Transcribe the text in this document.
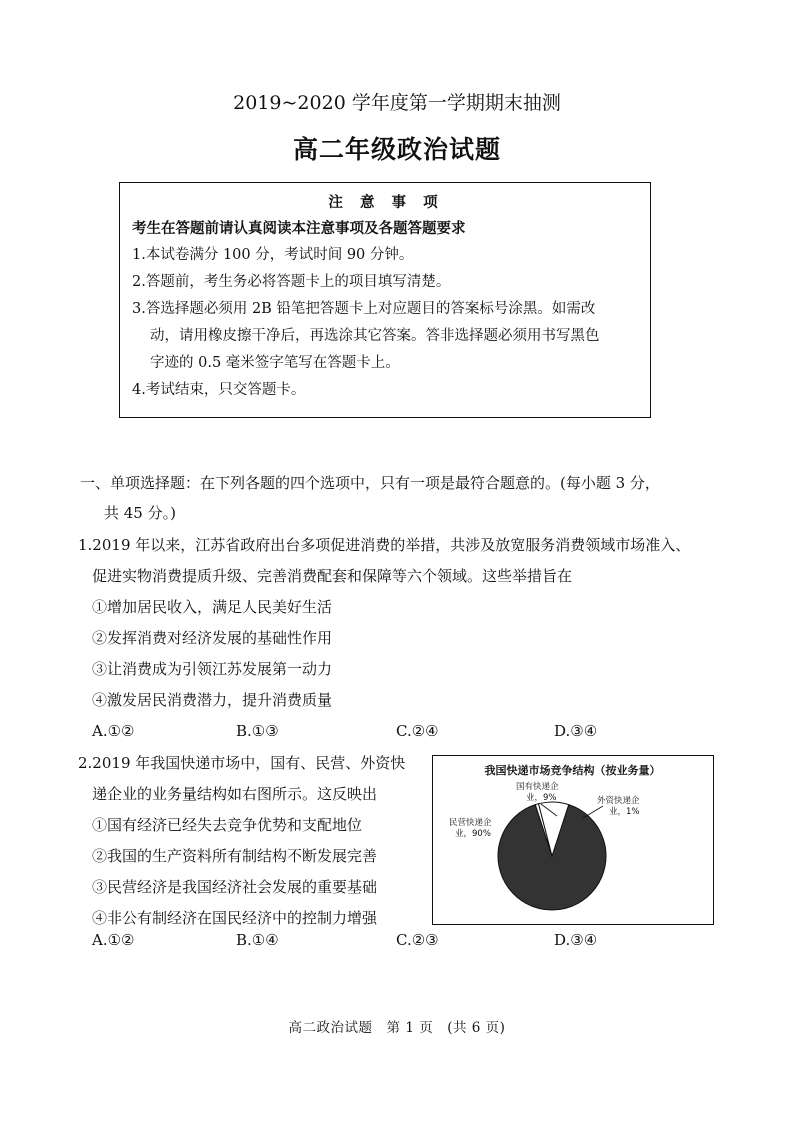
2019~2020 学年度第一学期期末抽测
高二年级政治试题
注 意 事 项
考生在答题前请认真阅读本注意事项及各题答题要求
1.本试卷满分 100 分，考试时间 90 分钟。
2.答题前，考生务必将答题卡上的项目填写清楚。
3.答选择题必须用 2B 铅笔把答题卡上对应题目的答案标号涂黑。如需改
动，请用橡皮擦干净后，再选涂其它答案。答非选择题必须用书写黑色
字迹的 0.5 毫米签字笔写在答题卡上。
4.考试结束，只交答题卡。
一、单项选择题：在下列各题的四个选项中，只有一项是最符合题意的。(每小题 3 分，
共 45 分。)
1.2019 年以来，江苏省政府出台多项促进消费的举措，共涉及放宽服务消费领域市场准入、
促进实物消费提质升级、完善消费配套和保障等六个领域。这些举措旨在
①增加居民收入，满足人民美好生活
②发挥消费对经济发展的基础性作用
③让消费成为引领江苏发展第一动力
④激发居民消费潜力，提升消费质量
A.①②	B.①③	C.②④	D.③④
2.2019 年我国快递市场中，国有、民营、外资快
递企业的业务量结构如右图所示。这反映出
①国有经济已经失去竞争优势和支配地位
②我国的生产资料所有制结构不断发展完善
③民营经济是我国经济社会发展的重要基础
④非公有制经济在国民经济中的控制力增强
A.①②	B.①④	C.②③	D.③④
我国快递市场竞争结构（按业务量）
国有快递企
业，9%
民营快递企
业，90%
外资快递企
业，1%
高二政治试题　第 1 页　(共 6 页)
